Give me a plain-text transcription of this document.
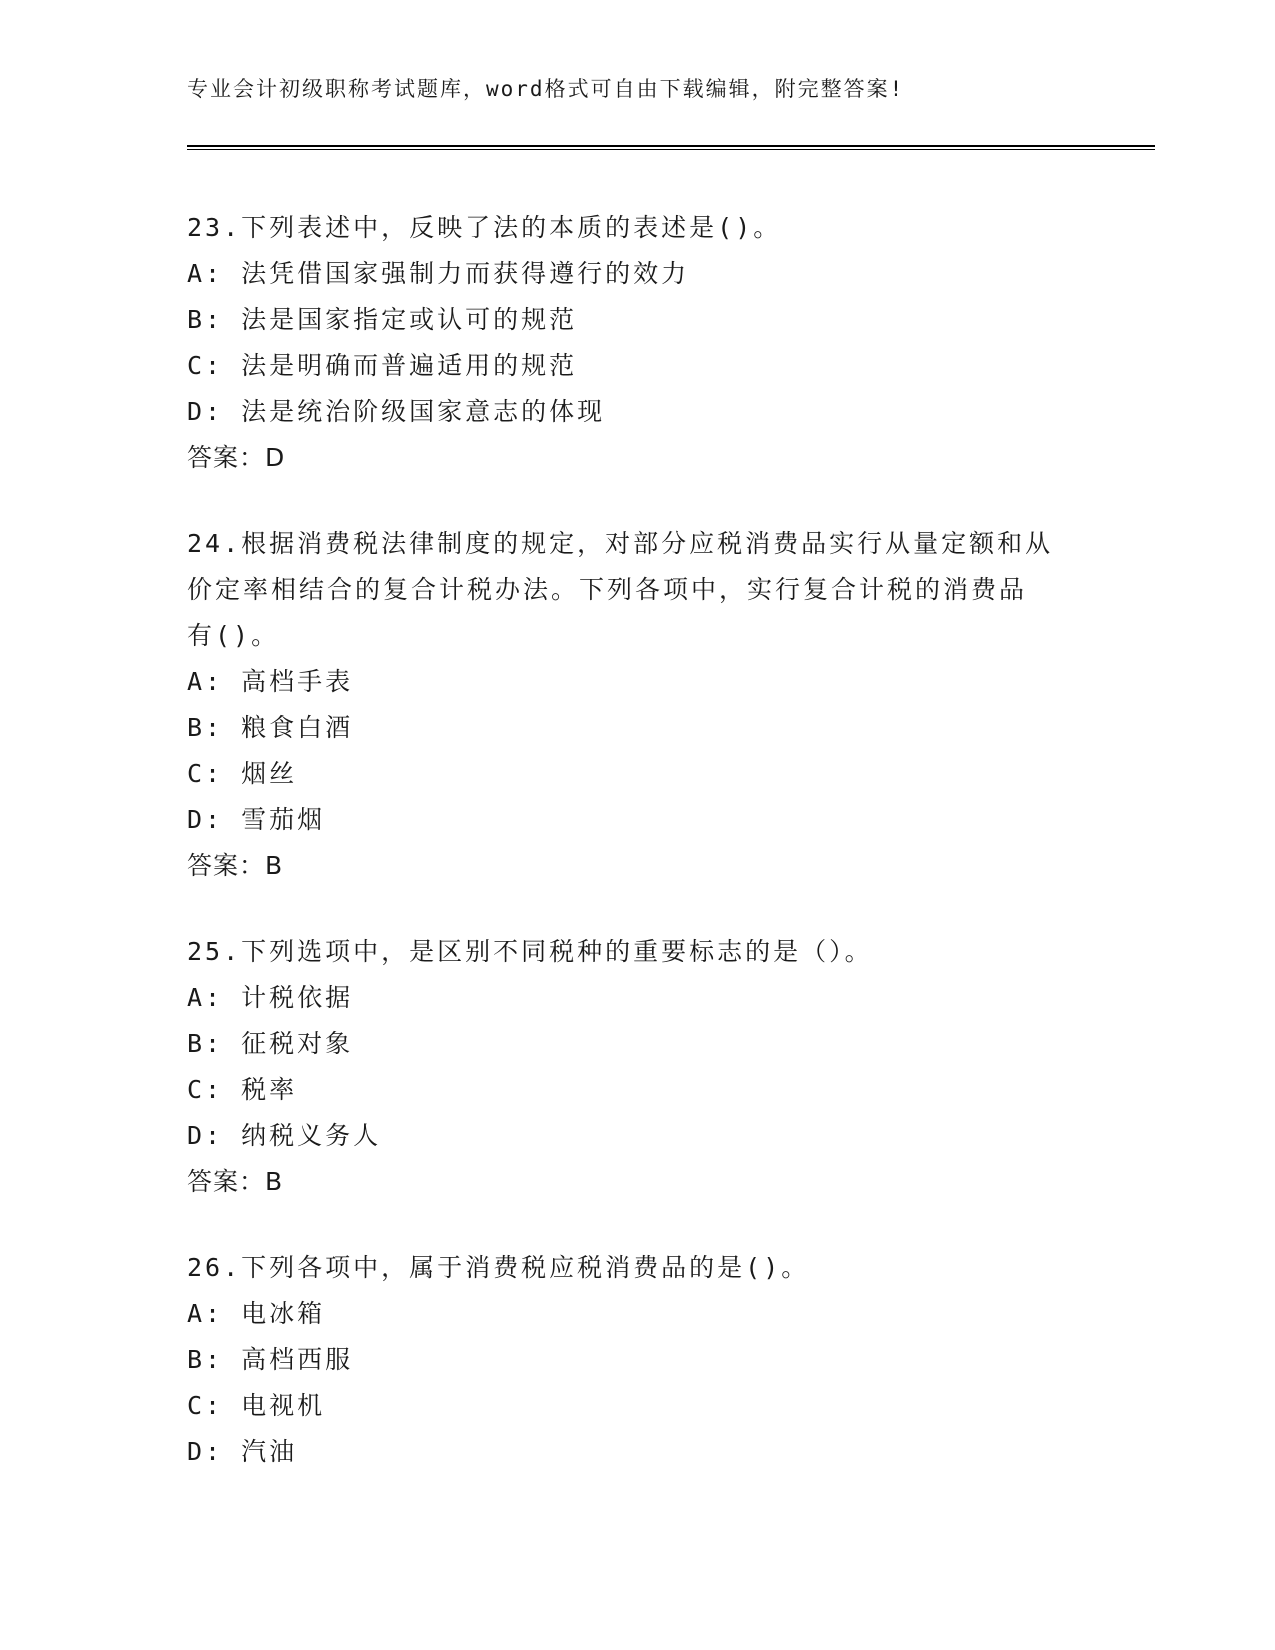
专业会计初级职称考试题库，word格式可自由下载编辑，附完整答案!
23.下列表述中，反映了法的本质的表述是()。
A: 法凭借国家强制力而获得遵行的效力
B: 法是国家指定或认可的规范
C: 法是明确而普遍适用的规范
D: 法是统治阶级国家意志的体现
答案：D
24.根据消费税法律制度的规定，对部分应税消费品实行从量定额和从
价定率相结合的复合计税办法。下列各项中，实行复合计税的消费品
有()。
A: 高档手表
B: 粮食白酒
C: 烟丝
D: 雪茄烟
答案：B
25.下列选项中，是区别不同税种的重要标志的是（）。
A: 计税依据
B: 征税对象
C: 税率
D: 纳税义务人
答案：B
26.下列各项中，属于消费税应税消费品的是()。
A: 电冰箱
B: 高档西服
C: 电视机
D: 汽油
